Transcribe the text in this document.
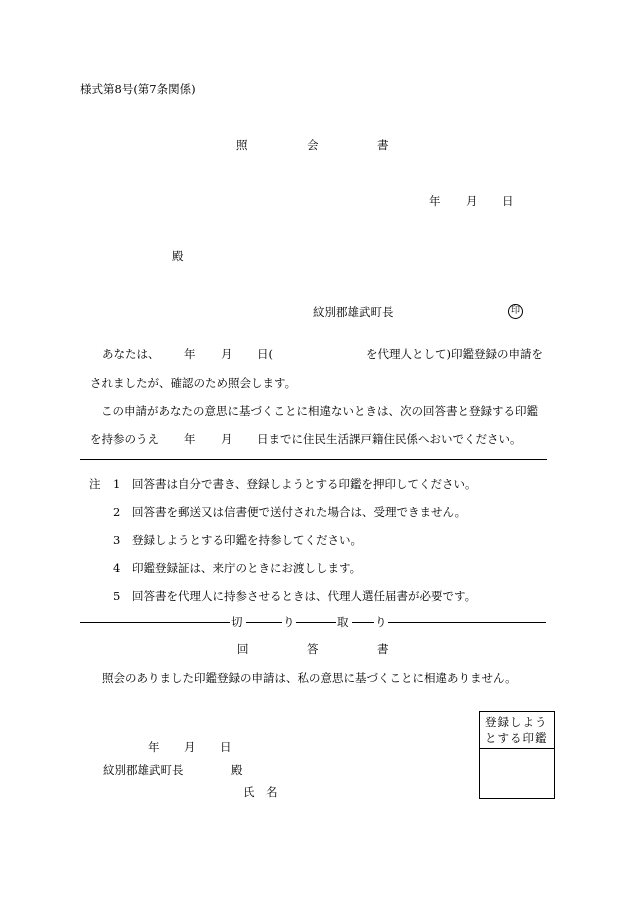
様式第8号(第7条関係)
照	会	書
年 月 日
殿
紋別郡雄武町長	印
あなたは、 年 月 日(	を代理人として)印鑑登録の申請を
されましたが、確認のため照会します。
この申請があなたの意思に基づくことに相違ないときは、次の回答書と登録する印鑑
を持参のうえ 年 月 日までに住民生活課戸籍住民係へおいでください。
注 1 回答書は自分で書き、登録しようとする印鑑を押印してください。
2 回答書を郵送又は信書便で送付された場合は、受理できません。
3 登録しようとする印鑑を持参してください。
4 印鑑登録証は、来庁のときにお渡しします。
5 回答書を代理人に持参させるときは、代理人選任届書が必要です。
切	り	取 り
回	答	書
照会のありました印鑑登録の申請は、私の意思に基づくことに相違ありません。
登録しようとする印鑑
年 月 日
紋別郡雄武町長	殿
氏　名
